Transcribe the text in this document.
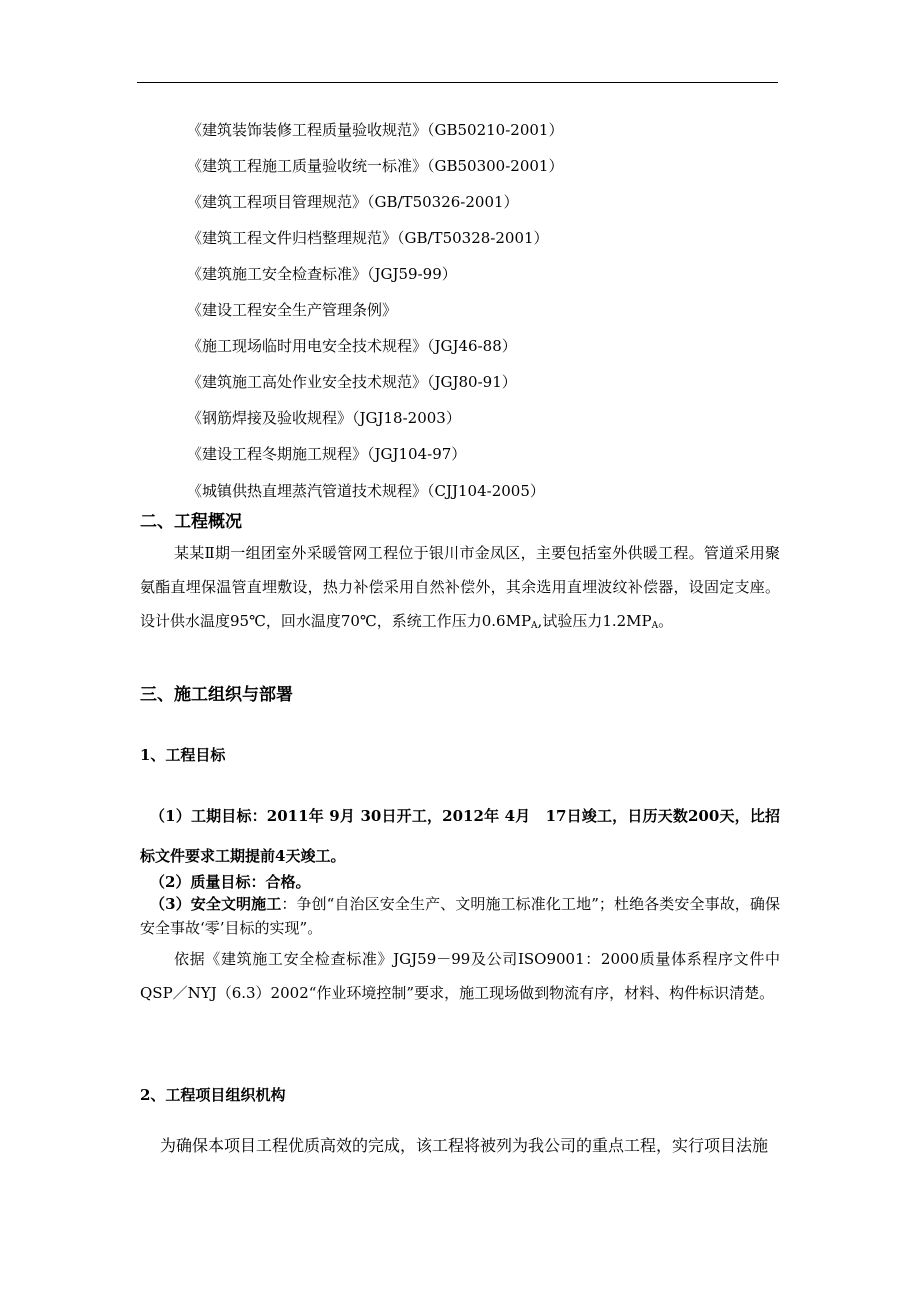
《建筑装饰装修工程质量验收规范》（GB50210-2001）
《建筑工程施工质量验收统一标准》（GB50300-2001）
《建筑工程项目管理规范》（GB/T50326-2001）
《建筑工程文件归档整理规范》（GB/T50328-2001）
《建筑施工安全检查标准》（JGJ59-99）
《建设工程安全生产管理条例》
《施工现场临时用电安全技术规程》（JGJ46-88）
《建筑施工高处作业安全技术规范》（JGJ80-91）
《钢筋焊接及验收规程》（JGJ18-2003）
《建设工程冬期施工规程》（JGJ104-97）
《城镇供热直埋蒸汽管道技术规程》（CJJ104-2005）
二、工程概况
某某Ⅱ期一组团室外采暖管网工程位于银川市金凤区，主要包括室外供暖工程。管道采用聚氨酯直埋保温管直埋敷设，热力补偿采用自然补偿外，其余选用直埋波纹补偿器，设固定支座。设计供水温度95℃，回水温度70℃，系统工作压力$0.6MP_A$,试验压力$1.2MP_A$。
三、施工组织与部署
1、工程目标
（1）工期目标：2011年 9月 30日开工，2012年 4月　17日竣工，日历天数200天，比招标文件要求工期提前4天竣工。
（2）质量目标：合格。
（3）安全文明施工：争创“自治区安全生产、文明施工标准化工地”；杜绝各类安全事故，确保安全事故‘零’目标的实现”。
依据《建筑施工安全检查标准》JGJ59－99及公司ISO9001：2000质量体系程序文件中QSP／NYJ（6.3）2002“作业环境控制”要求，施工现场做到物流有序，材料、构件标识清楚。
2、工程项目组织机构
为确保本项目工程优质高效的完成，该工程将被列为我公司的重点工程，实行项目法施
